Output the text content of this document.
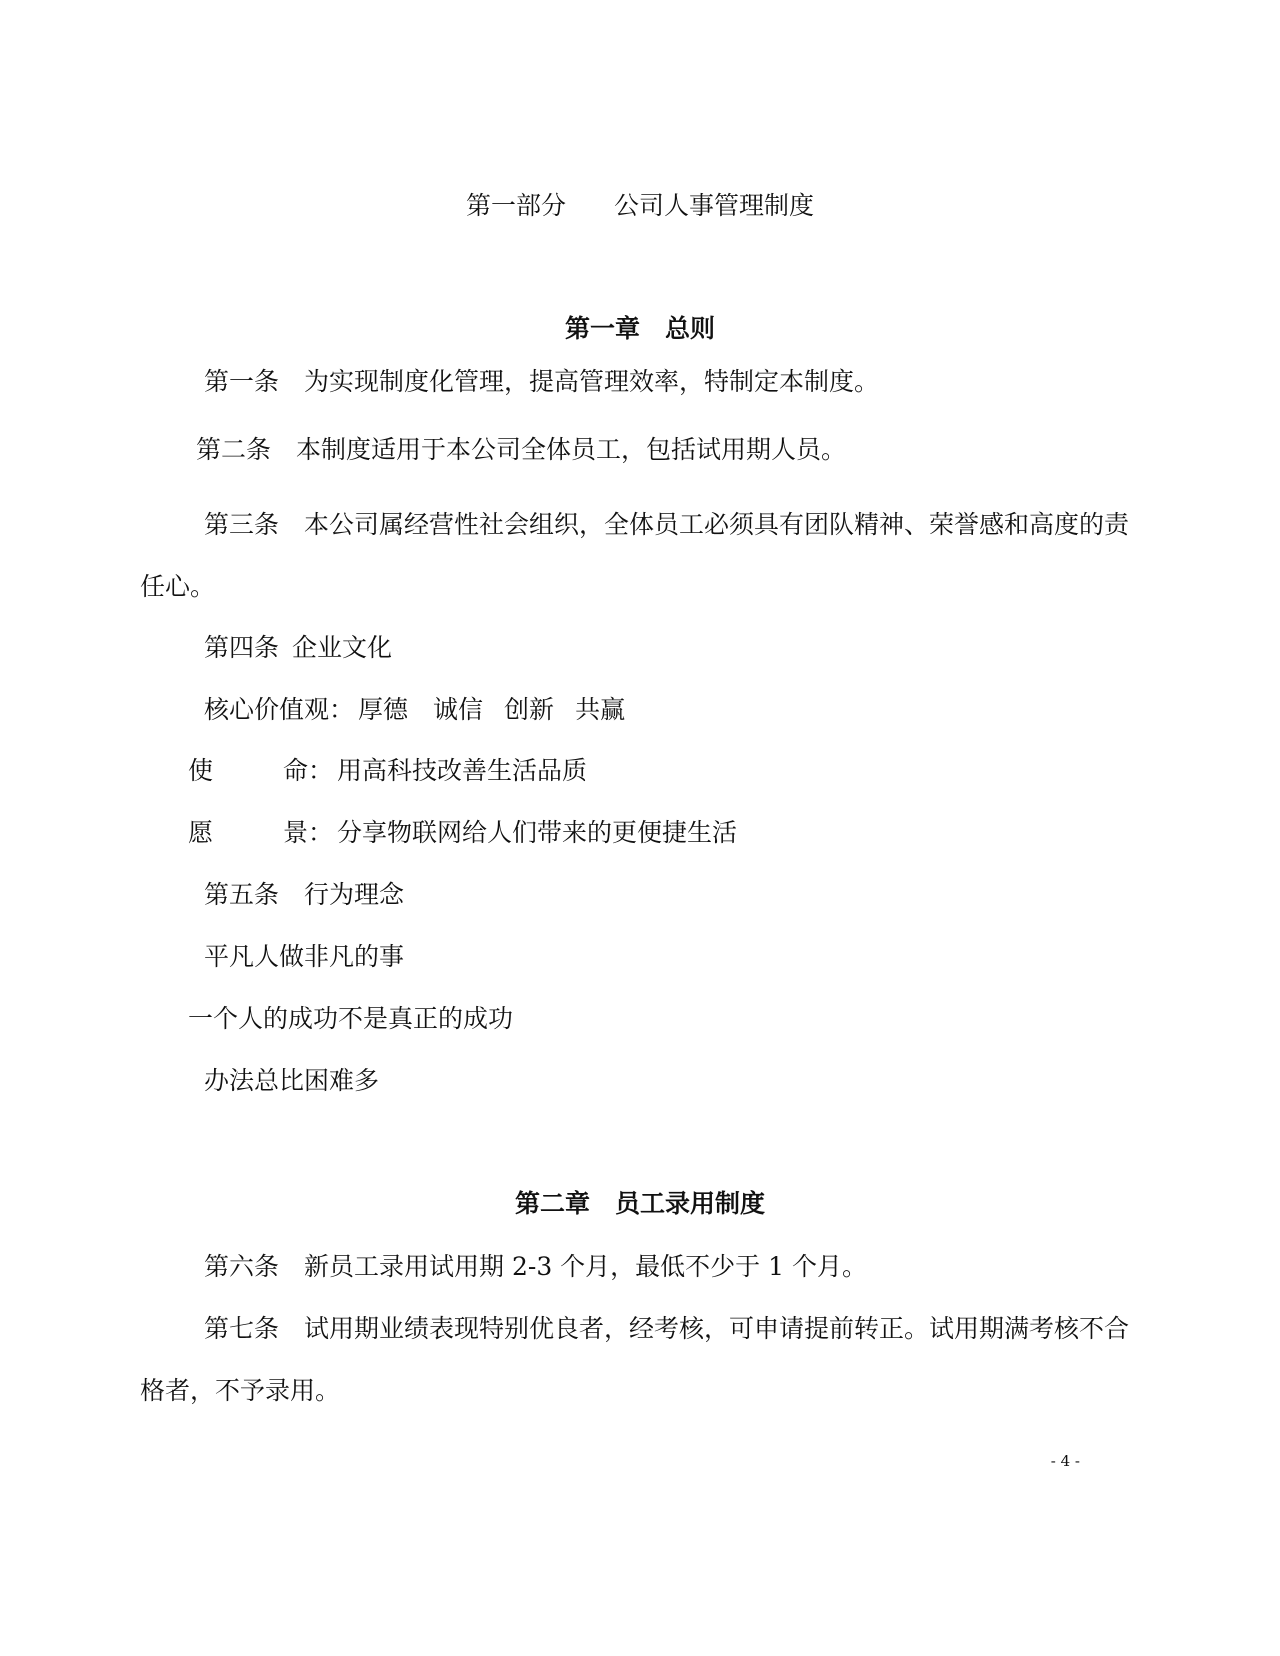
第一部分 公司人事管理制度
第一章 总则
第一条 为实现制度化管理，提高管理效率，特制定本制度。
第二条 本制度适用于本公司全体员工，包括试用期人员。
第三条 本公司属经营性社会组织，全体员工必须具有团队精神、荣誉感和高度的责
任心。
第四条 企业文化
核心价值观： 厚德 诚信 创新 共赢
使	命： 用高科技改善生活品质
愿	景： 分享物联网给人们带来的更便捷生活
第五条 行为理念
平凡人做非凡的事
一个人的成功不是真正的成功
办法总比困难多
第二章 员工录用制度
第六条 新员工录用试用期 2-3 个月，最低不少于 1 个月。
第七条 试用期业绩表现特别优良者，经考核，可申请提前转正。试用期满考核不合
格者，不予录用。
- 4 -
